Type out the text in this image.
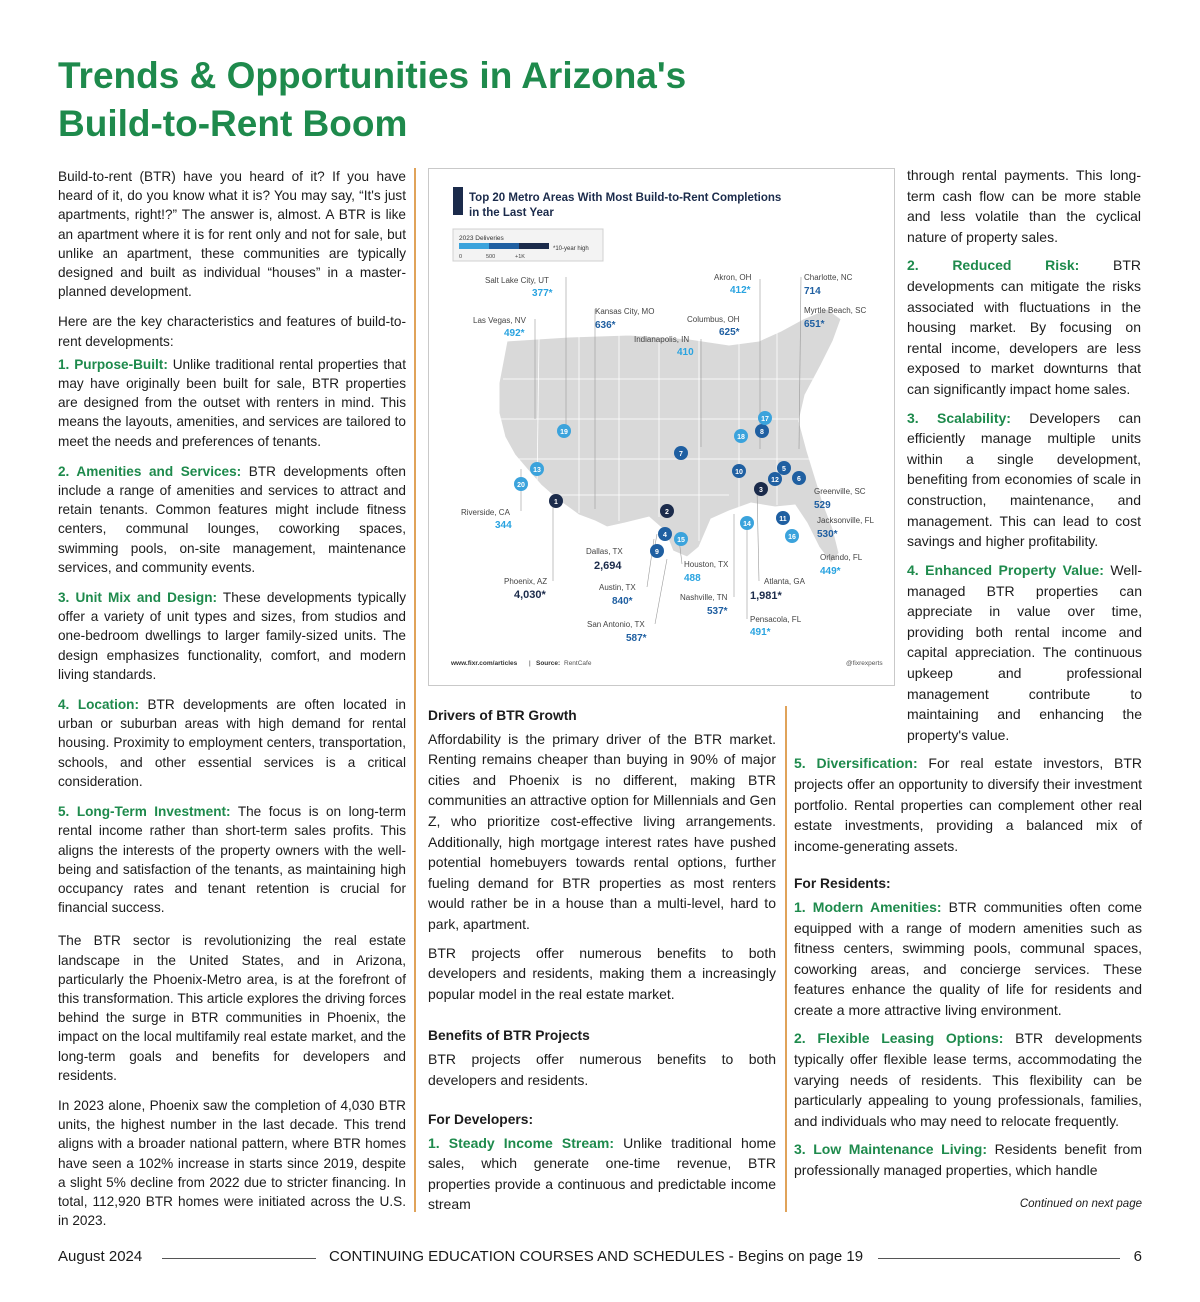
Trends & Opportunities in Arizona's
Build-to-Rent Boom

Build-to-rent (BTR) have you heard of it? If you have heard of it, do you know what it is? You may say, “It's just apartments, right!?” The answer is, almost. A BTR is like an apartment where it is for rent only and not for sale, but unlike an apartment, these communities are typically designed and built as individual “houses” in a master-planned development.

Here are the key characteristics and features of build-to-rent developments:

1. Purpose-Built: Unlike traditional rental properties that may have originally been built for sale, BTR properties are designed from the outset with renters in mind. This means the layouts, amenities, and services are tailored to meet the needs and preferences of tenants.

2. Amenities and Services: BTR developments often include a range of amenities and services to attract and retain tenants. Common features might include fitness centers, communal lounges, coworking spaces, swimming pools, on-site management, maintenance services, and community events.

3. Unit Mix and Design: These developments typically offer a variety of unit types and sizes, from studios and one-bedroom dwellings to larger family-sized units. The design emphasizes functionality, comfort, and modern living standards.

4. Location: BTR developments are often located in urban or suburban areas with high demand for rental housing. Proximity to employment centers, transportation, schools, and other essential services is a critical consideration.

5. Long-Term Investment: The focus is on long-term rental income rather than short-term sales profits. This aligns the interests of the property owners with the well-being and satisfaction of the tenants, as maintaining high occupancy rates and tenant retention is crucial for financial success.

The BTR sector is revolutionizing the real estate landscape in the United States, and in Arizona, particularly the Phoenix-Metro area, is at the forefront of this transformation. This article explores the driving forces behind the surge in BTR communities in Phoenix, the impact on the local multifamily real estate market, and the long-term goals and benefits for developers and residents.

In 2023 alone, Phoenix saw the completion of 4,030 BTR units, the highest number in the last decade. This trend aligns with a broader national pattern, where BTR homes have seen a 102% increase in starts since 2019, despite a slight 5% decline from 2022 due to stricter financing. In total, 112,920 BTR homes were initiated across the U.S. in 2023.

Top 20 Metro Areas With Most Build-to-Rent Completions
in the Last Year
2023 Deliveries
0	500	+1K
*10-year high
Salt Lake City, UT
377*
Las Vegas, NV
492*
Kansas City, MO
636*
Indianapolis, IN
410
Columbus, OH
625*
Akron, OH
412*
Charlotte, NC
714
Myrtle Beach, SC
651*
Greenville, SC
529
Jacksonville, FL
530*
Orlando, FL
449*
Riverside, CA
344
Phoenix, AZ
4,030*
Dallas, TX
2,694
Austin, TX
840*
San Antonio, TX
587*
Houston, TX
488
Nashville, TN
537*
Atlanta, GA
1,981*
Pensacola, FL
491*
1
2
3
4
5
6
7
8
9
10
11
12
13
14
15	16
17
18
19
20
www.fixr.com/articles | Source: RentCafe	@fixrexperts
Drivers of BTR Growth

Affordability is the primary driver of the BTR market. Renting remains cheaper than buying in 90% of major cities and Phoenix is no different, making BTR communities an attractive option for Millennials and Gen Z, who prioritize cost-effective living arrangements. Additionally, high mortgage interest rates have pushed potential homebuyers towards rental options, further fueling demand for BTR properties as most renters would rather be in a house than a multi-level, hard to park, apartment.

BTR projects offer numerous benefits to both developers and residents, making them a increasingly popular model in the real estate market.

Benefits of BTR Projects

BTR projects offer numerous benefits to both developers and residents.

For Developers:

1. Steady Income Stream: Unlike traditional home sales, which generate one-time revenue, BTR properties provide a continuous and predictable income stream

through rental payments. This long-term cash flow can be more stable and less volatile than the cyclical nature of property sales.

2. Reduced Risk: BTR developments can mitigate the risks associated with fluctuations in the housing market. By focusing on rental income, developers are less exposed to market downturns that can significantly impact home sales.

3. Scalability: Developers can efficiently manage multiple units within a single development, benefiting from economies of scale in construction, maintenance, and management. This can lead to cost savings and higher profitability.

4. Enhanced Property Value: Well-managed BTR properties can appreciate in value over time, providing both rental income and capital appreciation. The continuous upkeep and professional management contribute to maintaining and enhancing the property's value.

5. Diversification: For real estate investors, BTR projects offer an opportunity to diversify their investment portfolio. Rental properties can complement other real estate investments, providing a balanced mix of income-generating assets.

For Residents:

1. Modern Amenities: BTR communities often come equipped with a range of modern amenities such as fitness centers, swimming pools, communal spaces, coworking areas, and concierge services. These features enhance the quality of life for residents and create a more attractive living environment.

2. Flexible Leasing Options: BTR developments typically offer flexible lease terms, accommodating the varying needs of residents. This flexibility can be particularly appealing to young professionals, families, and individuals who may need to relocate frequently.

3. Low Maintenance Living: Residents benefit from professionally managed properties, which handle

Continued on next page
August 2024	CONTINUING EDUCATION COURSES AND SCHEDULES - Begins on page 19	6
